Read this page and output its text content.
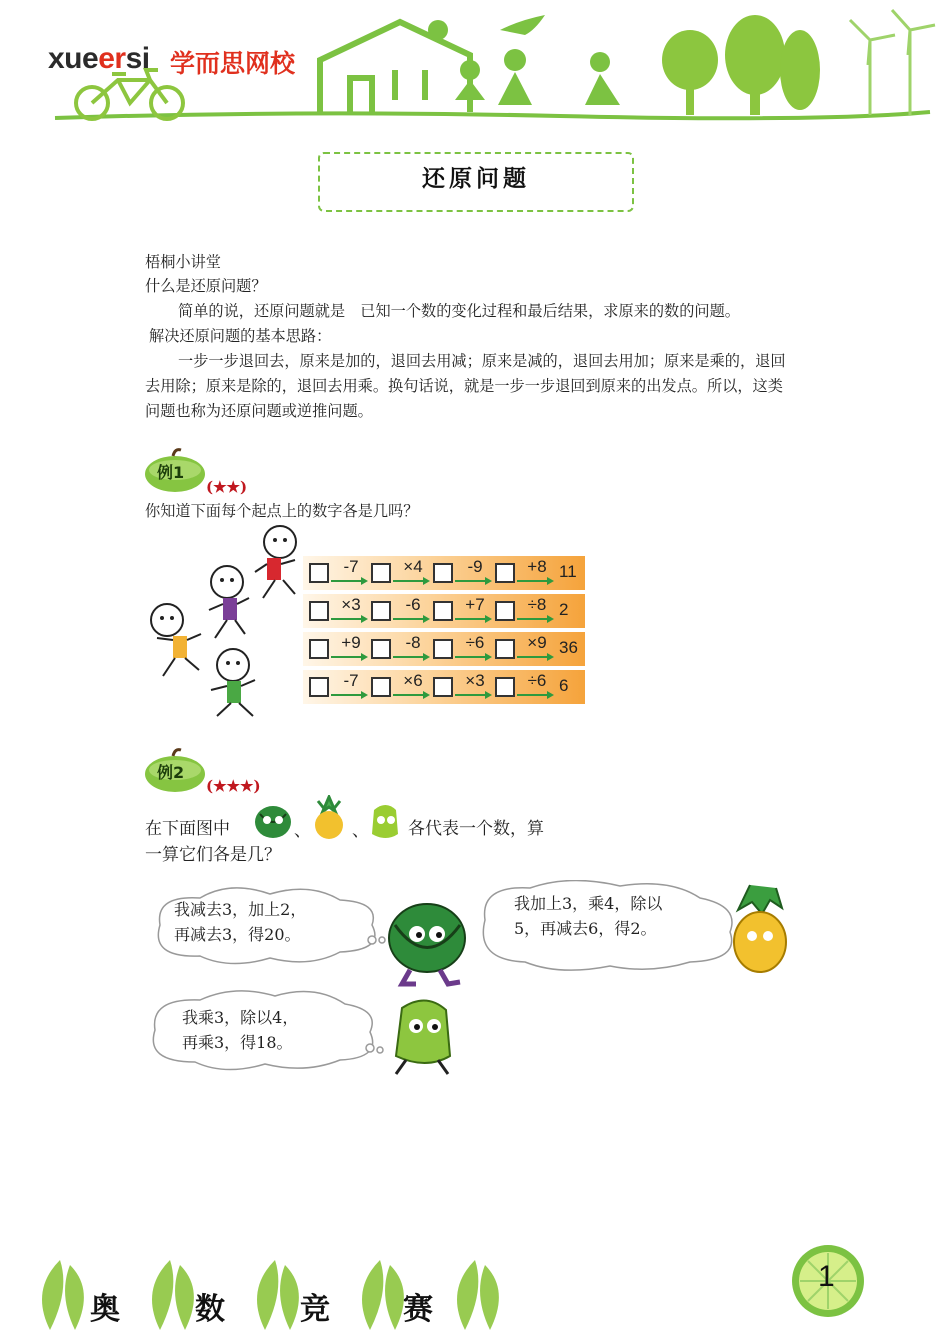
xueersi 学而思网校
还原问题
梧桐小讲堂
什么是还原问题？
简单的说，还原问题就是　已知一个数的变化过程和最后结果，求原来的数的问题。
解决还原问题的基本思路：
一步一步退回去，原来是加的，退回去用减；原来是减的，退回去用加；原来是乘的，退回
去用除；原来是除的，退回去用乘。换句话说，就是一步一步退回到原来的出发点。所以，这类
问题也称为还原问题或逆推问题。
例1
(★★)
你知道下面每个起点上的数字各是几吗？
-7	×4	-9	+8 11
×3	-6	+7	÷8 2
+9	-8	÷6	×9 36
-7	×6	×3	÷6 6
例2
(★★★)
在下面图中	、 、 各代表一个数，算
一算它们各是几？
我减去3，加上2，
再减去3，得20。
我加上3，乘4，除以
5，再减去6，得2。
我乘3，除以4，
再乘3，得18。
奥	数	竞 赛
1
